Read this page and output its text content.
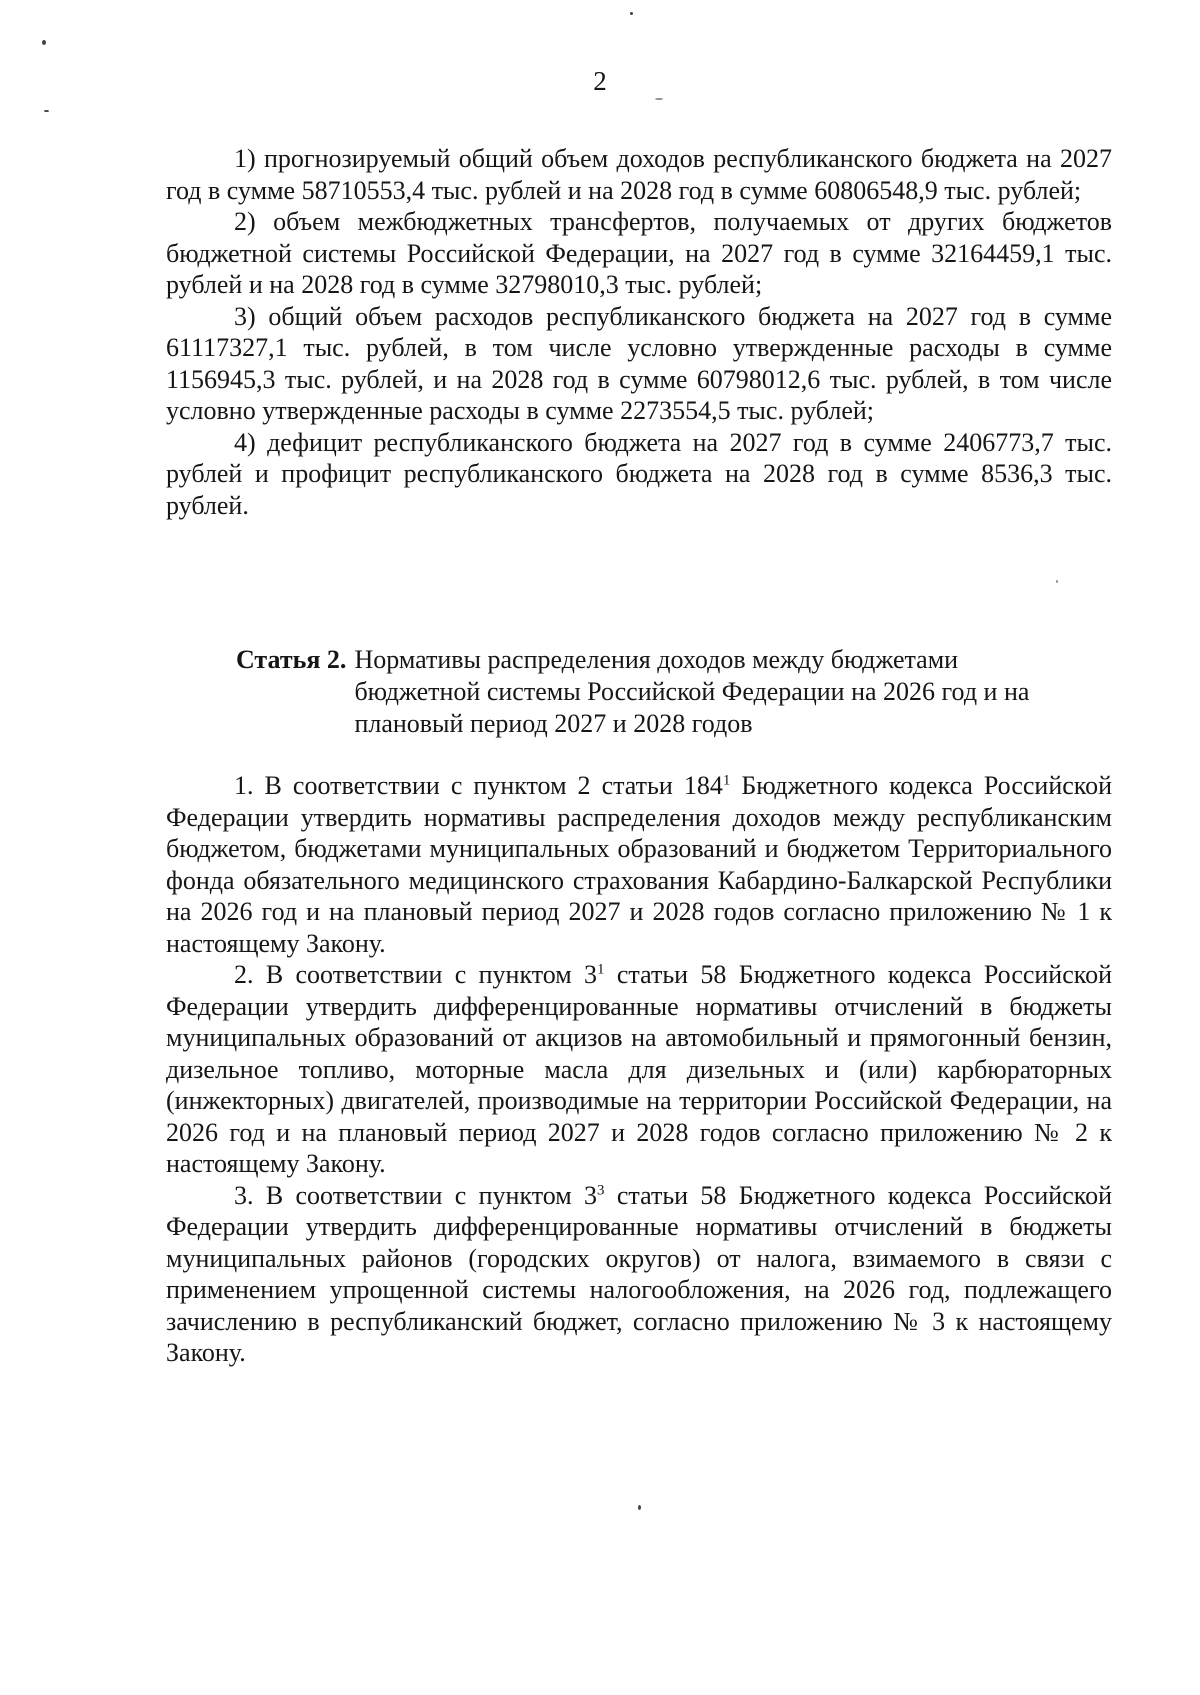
2

1) прогнозируемый общий объем доходов республиканского бюджета на 2027 год в сумме 58710553,4 тыс. рублей и на 2028 год в сумме 60806548,9 тыс. рублей;

2) объем межбюджетных трансфертов, получаемых от других бюджетов бюджетной системы Российской Федерации, на 2027 год в сумме 32164459,1 тыс. рублей и на 2028 год в сумме 32798010,3 тыс. рублей;

3) общий объем расходов республиканского бюджета на 2027 год в сумме 61117327,1 тыс. рублей, в том числе условно утвержденные расходы в сумме 1156945,3 тыс. рублей, и на 2028 год в сумме 60798012,6 тыс. рублей, в том числе условно утвержденные расходы в сумме 2273554,5 тыс. рублей;

4) дефицит республиканского бюджета на 2027 год в сумме 2406773,7 тыс. рублей и профицит республиканского бюджета на 2028 год в сумме 8536,3 тыс. рублей.

Статья 2. Нормативы распределения доходов между бюджетами бюджетной системы Российской Федерации на 2026 год и на плановый период 2027 и 2028 годов

1. В соответствии с пунктом 2 статьи $184^1$ Бюджетного кодекса Российской Федерации утвердить нормативы распределения доходов между республиканским бюджетом, бюджетами муниципальных образований и бюджетом Территориального фонда обязательного медицинского страхования Кабардино-Балкарской Республики на 2026 год и на плановый период 2027 и 2028 годов согласно приложению № 1 к настоящему Закону.

2. В соответствии с пунктом $3^1$ статьи 58 Бюджетного кодекса Российской Федерации утвердить дифференцированные нормативы отчислений в бюджеты муниципальных образований от акцизов на автомобильный и прямогонный бензин, дизельное топливо, моторные масла для дизельных и (или) карбюраторных (инжекторных) двигателей, производимые на территории Российской Федерации, на 2026 год и на плановый период 2027 и 2028 годов согласно приложению № 2 к настоящему Закону.

3. В соответствии с пунктом $3^3$ статьи 58 Бюджетного кодекса Российской Федерации утвердить дифференцированные нормативы отчислений в бюджеты муниципальных районов (городских округов) от налога, взимаемого в связи с применением упрощенной системы налогообложения, на 2026 год, подлежащего зачислению в республиканский бюджет, согласно приложению № 3 к настоящему Закону.
